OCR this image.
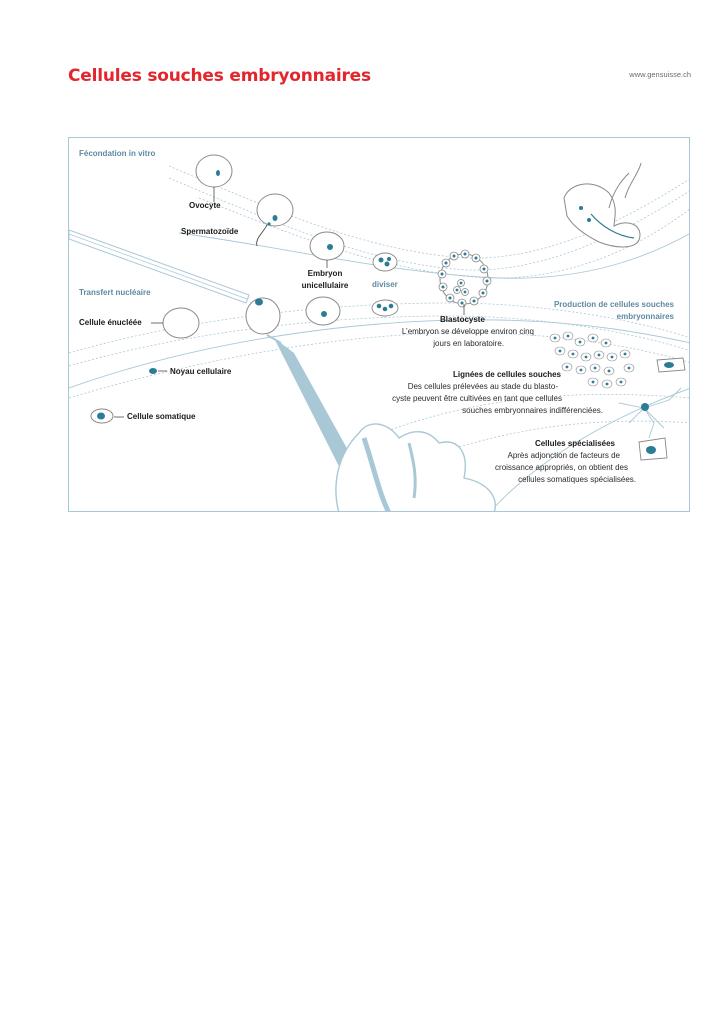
Cellules souches embryonnaires	www.gensuisse.ch
Fécondation in vitro
Ovocyte
Spermatozoïde
Embryon
unicellulaire	diviser
Transfert nucléaire
Cellule énucléée
Noyau cellulaire
Cellule somatique
Blastocyste
L’embryon se développe environ cinq
jours en laboratoire.
Production de cellules souches
embryonnaires
Lignées de cellules souches
Des cellules prélevées au stade du blasto-
cyste peuvent être cultivées en tant que cellules
souches embryonnaires indifférenciées.
Cellules spécialisées
Après adjonction de facteurs de
croissance appropriés, on obtient des
cellules somatiques spécialisées.
